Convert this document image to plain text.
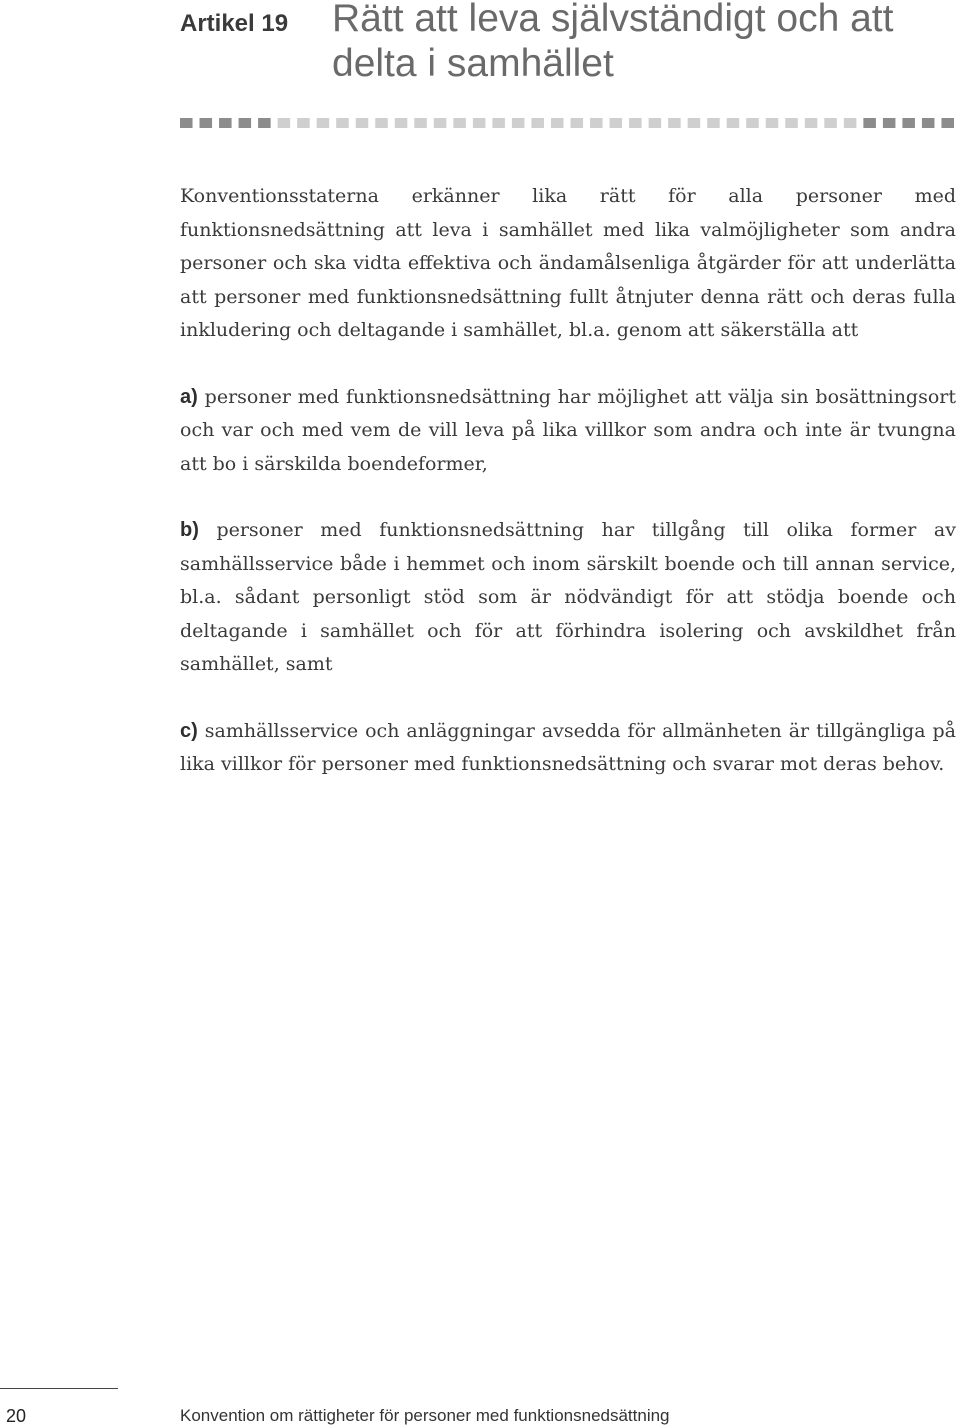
Artikel 19 Rätt att leva självständigt och att delta i samhället

Konventionsstaterna erkänner lika rätt för alla personer med funktionsnedsättning att leva i samhället med lika valmöjligheter som andra personer och ska vidta effektiva och ändamålsenliga åtgärder för att underlätta att personer med funktionsnedsättning fullt åtnjuter denna rätt och deras fulla inkludering och deltagande i samhället, bl.a. genom att säkerställa att

a) personer med funktionsnedsättning har möjlighet att välja sin bosättningsort och var och med vem de vill leva på lika villkor som andra och inte är tvungna att bo i särskilda boendeformer,

b) personer med funktionsnedsättning har tillgång till olika former av samhällsservice både i hemmet och inom särskilt boende och till annan service, bl.a. sådant personligt stöd som är nödvändigt för att stödja boende och deltagande i samhället och för att förhindra isolering och avskildhet från samhället, samt

c) samhällsservice och anläggningar avsedda för allmänheten är tillgängliga på lika villkor för personer med funktionsnedsättning och svarar mot deras behov.

20	Konvention om rättigheter för personer med funktionsnedsättning
